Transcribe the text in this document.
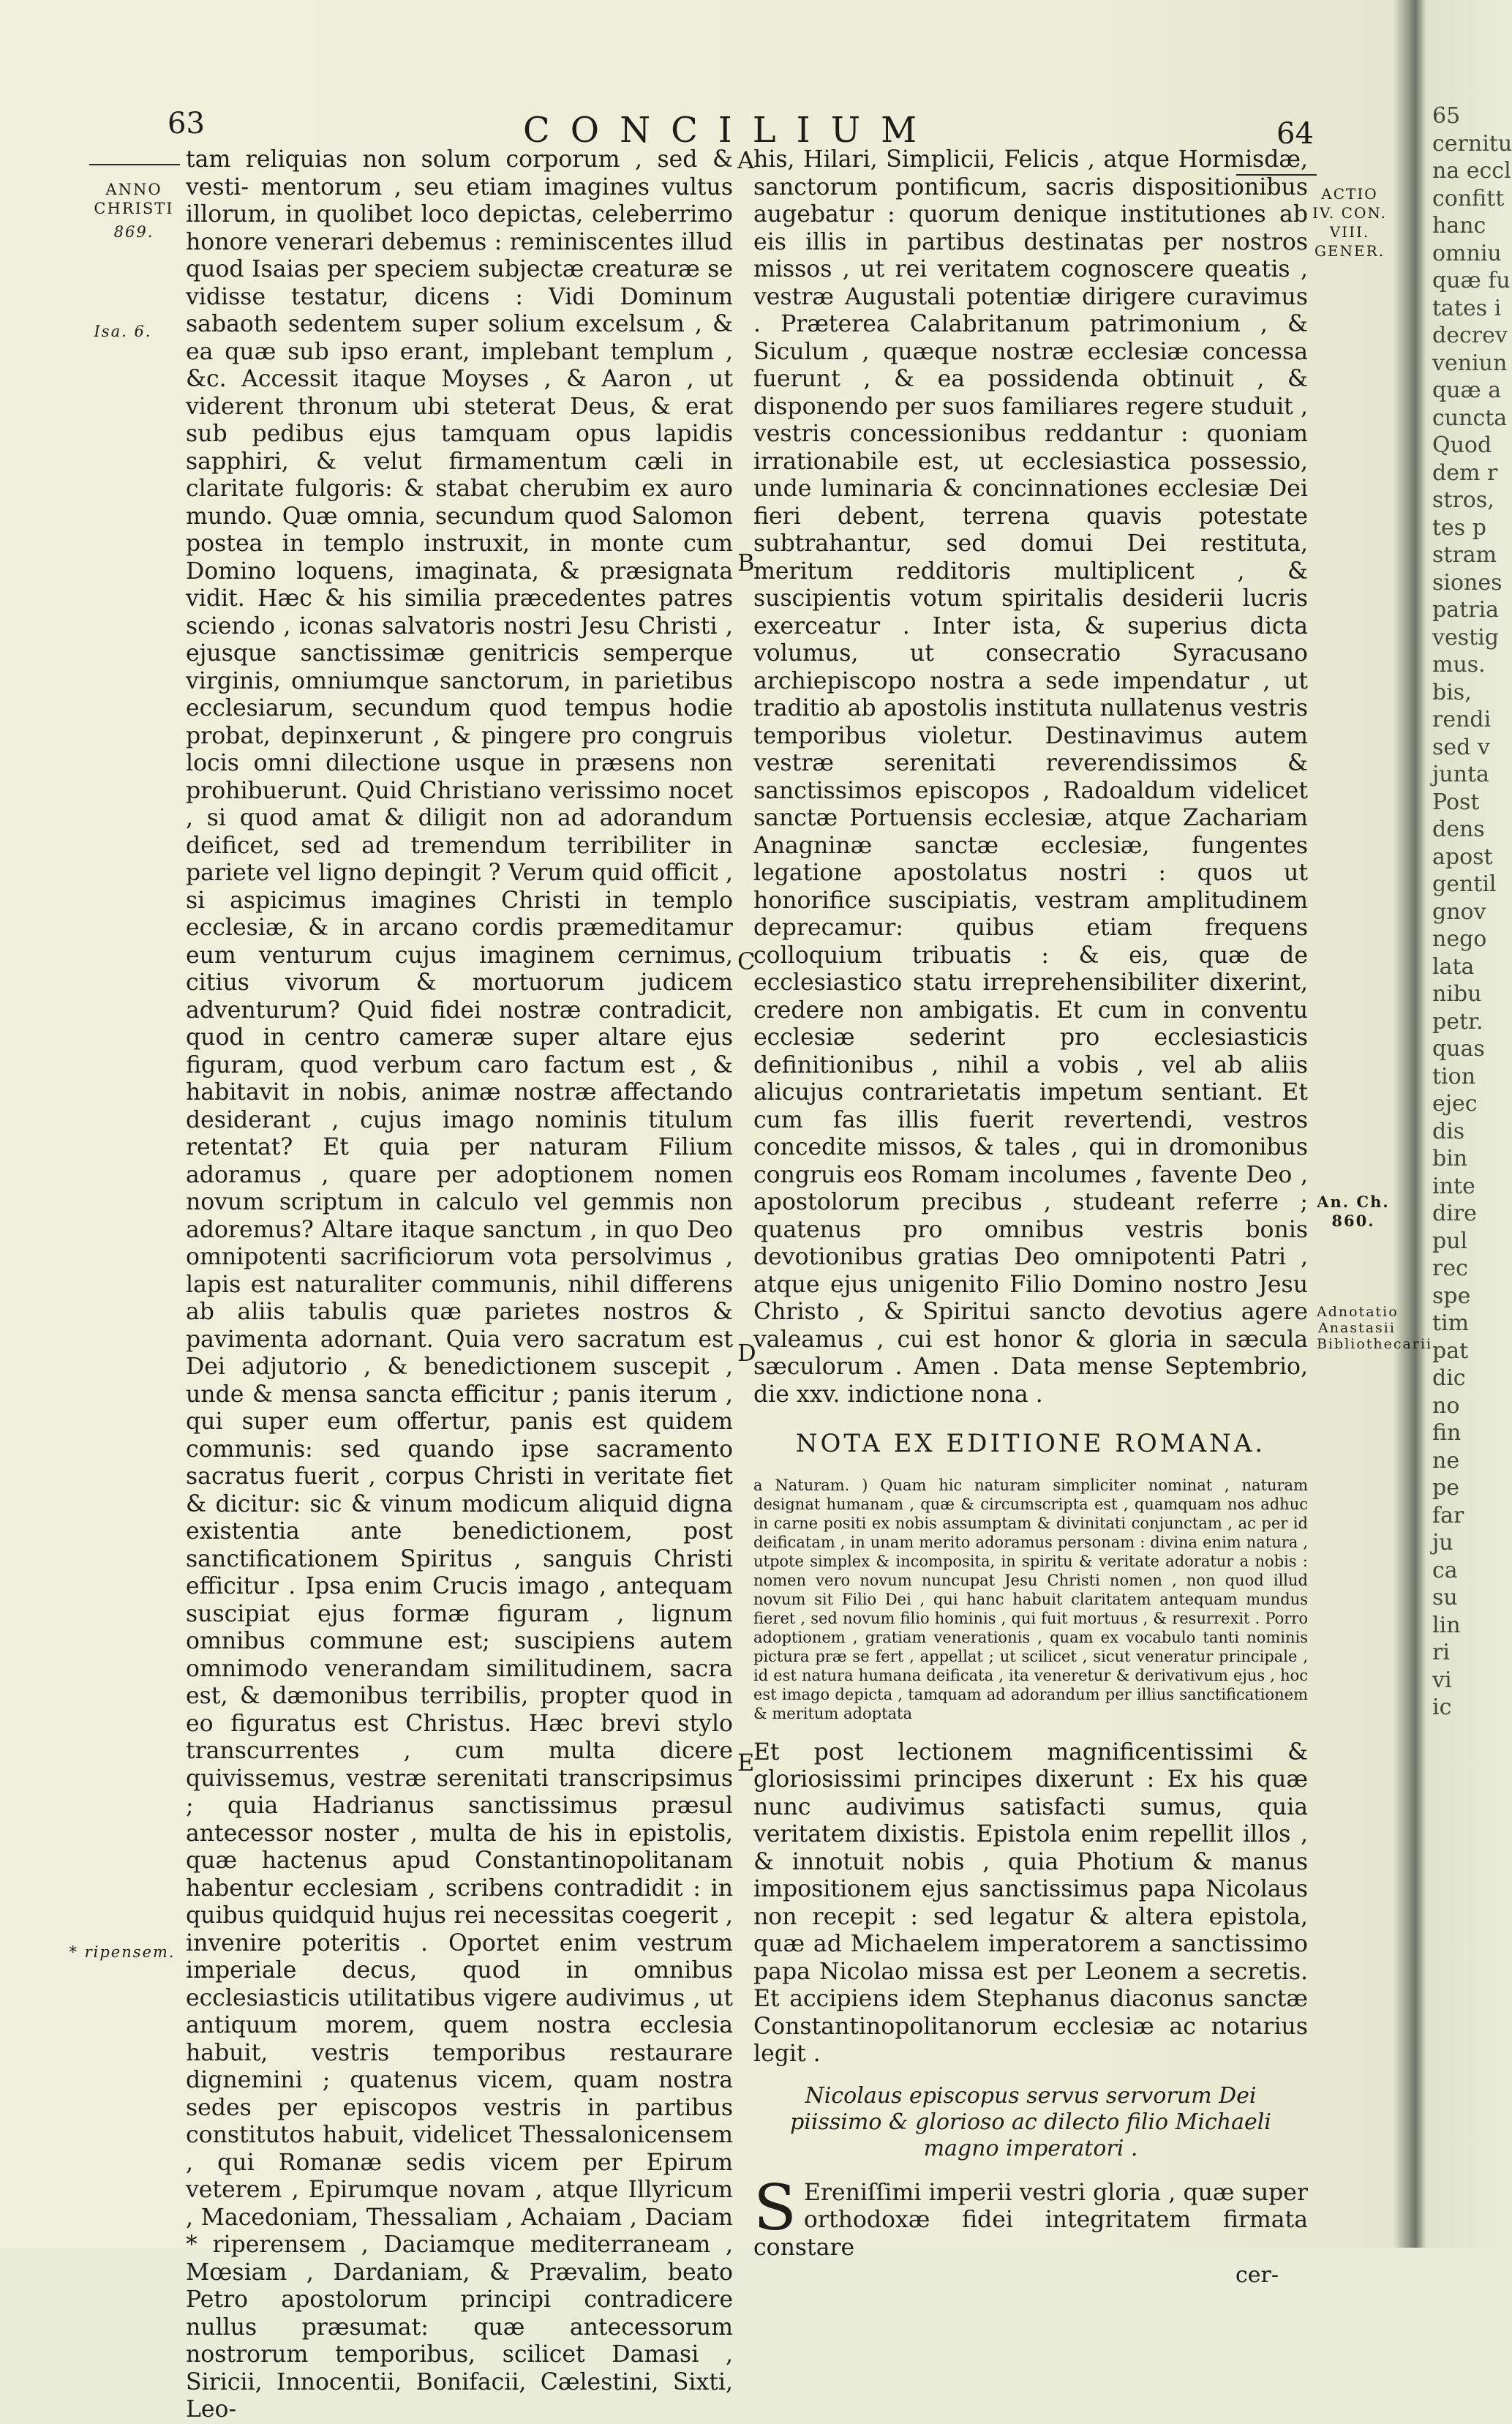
63	CONCILIUM	64
ANNO CHRISTI
869.
Isa. 6.
* ripensem.
ACTIO IV. CON. VIII. GENER.
An. Ch. 860.
Adnotatio Anastasii Bibliothecarii
A
B
C
D
E

tam reliquias non solum corporum , sed & vesti- mentorum , seu etiam imagines vultus illorum, in quolibet loco depictas, celeberrimo honore venerari debemus : reminiscentes illud quod Isaias per speciem subjectæ creaturæ se vidisse testatur, dicens : Vidi Dominum sabaoth sedentem super solium excelsum , & ea quæ sub ipso erant, implebant templum , &c. Accessit itaque Moyses , & Aaron , ut viderent thronum ubi steterat Deus, & erat sub pedibus ejus tamquam opus lapidis sapphiri, & velut firmamentum cæli in claritate fulgoris: & stabat cherubim ex auro mundo. Quæ omnia, secundum quod Salomon postea in templo instruxit, in monte cum Domino loquens, imaginata, & præsignata vidit. Hæc & his similia præcedentes patres sciendo , iconas salvatoris nostri Jesu Christi , ejusque sanctissimæ genitricis semperque virginis, omniumque sanctorum, in parietibus ecclesiarum, secundum quod tempus hodie probat, depinxerunt , & pingere pro congruis locis omni dilectione usque in præsens non prohibuerunt. Quid Christiano verissimo nocet , si quod amat & diligit non ad adorandum deificet, sed ad tremendum terribiliter in pariete vel ligno depingit ? Verum quid officit , si aspicimus imagines Christi in templo ecclesiæ, & in arcano cordis præmeditamur eum venturum cujus imaginem cernimus, citius vivorum & mortuorum judicem adventurum? Quid fidei nostræ contradicit, quod in centro cameræ super altare ejus figuram, quod verbum caro factum est , & habitavit in nobis, animæ nostræ affectando desiderant , cujus imago nominis titulum retentat? Et quia per naturam Filium adoramus , quare per adoptionem nomen novum scriptum in calculo vel gemmis non adoremus? Altare itaque sanctum , in quo Deo omnipotenti sacrificiorum vota persolvimus , lapis est naturaliter communis, nihil differens ab aliis tabulis quæ parietes nostros & pavimenta adornant. Quia vero sacratum est Dei adjutorio , & benedictionem suscepit , unde & mensa sancta efficitur ; panis iterum , qui super eum offertur, panis est quidem communis: sed quando ipse sacramento sacratus fuerit , corpus Christi in veritate fiet & dicitur: sic & vinum modicum aliquid digna existentia ante benedictionem, post sanctificationem Spiritus , sanguis Christi efficitur . Ipsa enim Crucis imago , antequam suscipiat ejus formæ figuram , lignum omnibus commune est; suscipiens autem omnimodo venerandam similitudinem, sacra est, & dæmonibus terribilis, propter quod in eo figuratus est Christus. Hæc brevi stylo transcurrentes , cum multa dicere quivissemus, vestræ serenitati transcripsimus ; quia Hadrianus sanctissimus præsul antecessor noster , multa de his in epistolis, quæ hactenus apud Constantinopolitanam habentur ecclesiam , scribens contradidit : in quibus quidquid hujus rei necessitas coegerit , invenire poteritis . Oportet enim vestrum imperiale decus, quod in omnibus ecclesiasticis utilitatibus vigere audivimus , ut antiquum morem, quem nostra ecclesia habuit, vestris temporibus restaurare dignemini ; quatenus vicem, quam nostra sedes per episcopos vestris in partibus constitutos habuit, videlicet Thessalonicensem , qui Romanæ sedis vicem per Epirum veterem , Epirumque novam , atque Illyricum , Macedoniam, Thessaliam , Achaiam , Daciam * riperensem , Daciamque mediterraneam , Mœsiam , Dardaniam, & Prævalim, beato Petro apostolorum principi contradicere nullus præsumat: quæ antecessorum nostrorum temporibus, scilicet Damasi , Siricii, Innocentii, Bonifacii, Cælestini, Sixti, Leo-

his, Hilari, Simplicii, Felicis , atque Hormisdæ, sanctorum pontificum, sacris dispositionibus augebatur : quorum denique institutiones ab eis illis in partibus destinatas per nostros missos , ut rei veritatem cognoscere queatis , vestræ Augustali potentiæ dirigere curavimus . Præterea Calabritanum patrimonium , & Siculum , quæque nostræ ecclesiæ concessa fuerunt , & ea possidenda obtinuit , & disponendo per suos familiares regere studuit , vestris concessionibus reddantur : quoniam irrationabile est, ut ecclesiastica possessio, unde luminaria & concinnationes ecclesiæ Dei fieri debent, terrena quavis potestate subtrahantur, sed domui Dei restituta, meritum redditoris multiplicent , & suscipientis votum spiritalis desiderii lucris exerceatur . Inter ista, & superius dicta volumus, ut consecratio Syracusano archiepiscopo nostra a sede impendatur , ut traditio ab apostolis instituta nullatenus vestris temporibus violetur. Destinavimus autem vestræ serenitati reverendissimos & sanctissimos episcopos , Radoaldum videlicet sanctæ Portuensis ecclesiæ, atque Zachariam Anagninæ sanctæ ecclesiæ, fungentes legatione apostolatus nostri : quos ut honorifice suscipiatis, vestram amplitudinem deprecamur: quibus etiam frequens colloquium tribuatis : & eis, quæ de ecclesiastico statu irreprehensibiliter dixerint, credere non ambigatis. Et cum in conventu ecclesiæ sederint pro ecclesiasticis definitionibus , nihil a vobis , vel ab aliis alicujus contrarietatis impetum sentiant. Et cum fas illis fuerit revertendi, vestros concedite missos, & tales , qui in dromonibus congruis eos Romam incolumes , favente Deo , apostolorum precibus , studeant referre ; quatenus pro omnibus vestris bonis devotionibus gratias Deo omnipotenti Patri , atque ejus unigenito Filio Domino nostro Jesu Christo , & Spiritui sancto devotius agere valeamus , cui est honor & gloria in sæcula sæculorum . Amen . Data mense Septembrio, die xxv. indictione nona .

NOTA EX EDITIONE ROMANA.
a Naturam. ) Quam hic naturam simpliciter nominat , naturam designat humanam , quæ & circumscripta est , quamquam nos adhuc in carne positi ex nobis assumptam & divinitati conjunctam , ac per id deificatam , in unam merito adoramus personam : divina enim natura , utpote simplex & incomposita, in spiritu & veritate adoratur a nobis : nomen vero novum nuncupat Jesu Christi nomen , non quod illud novum sit Filio Dei , qui hanc habuit claritatem antequam mundus fieret , sed novum filio hominis , qui fuit mortuus , & resurrexit . Porro adoptionem , gratiam venerationis , quam ex vocabulo tanti nominis pictura præ se fert , appellat ; ut scilicet , sicut veneratur principale , id est natura humana deificata , ita veneretur & derivativum ejus , hoc est imago depicta , tamquam ad adorandum per illius sanctificationem & meritum adoptata

Et post lectionem magnificentissimi & gloriosissimi principes dixerunt : Ex his quæ nunc audivimus satisfacti sumus, quia veritatem dixistis. Epistola enim repellit illos , & innotuit nobis , quia Photium & manus impositionem ejus sanctissimus papa Nicolaus non recepit : sed legatur & altera epistola, quæ ad Michaelem imperatorem a sanctissimo papa Nicolao missa est per Leonem a secretis. Et accipiens idem Stephanus diaconus sanctæ Constantinopolitanorum ecclesiæ ac notarius legit .

Nicolaus episcopus servus servorum Dei piissimo & glorioso ac dilecto filio Michaeli magno imperatori .
S Ereniſſimi imperii vestri gloria , quæ super orthodoxæ fidei integritatem firmata constare
cer-
65
cernitu
na eccl
confitt
hanc
omniu
quæ fu
tates i
decrev
veniun
quæ a
cuncta
Quod
dem r
stros,
tes p
stram
siones
patria
vestig
mus.
bis,
rendi
sed v
junta
Post
dens
apost
gentil
gnov
nego
lata
nibu
petr.
quas
tion
ejec
dis
bin
inte
dire
pul
rec
spe
tim
pat
dic
no
fin
ne
pe
far
ju
ca
su
lin
ri
vi
ic
